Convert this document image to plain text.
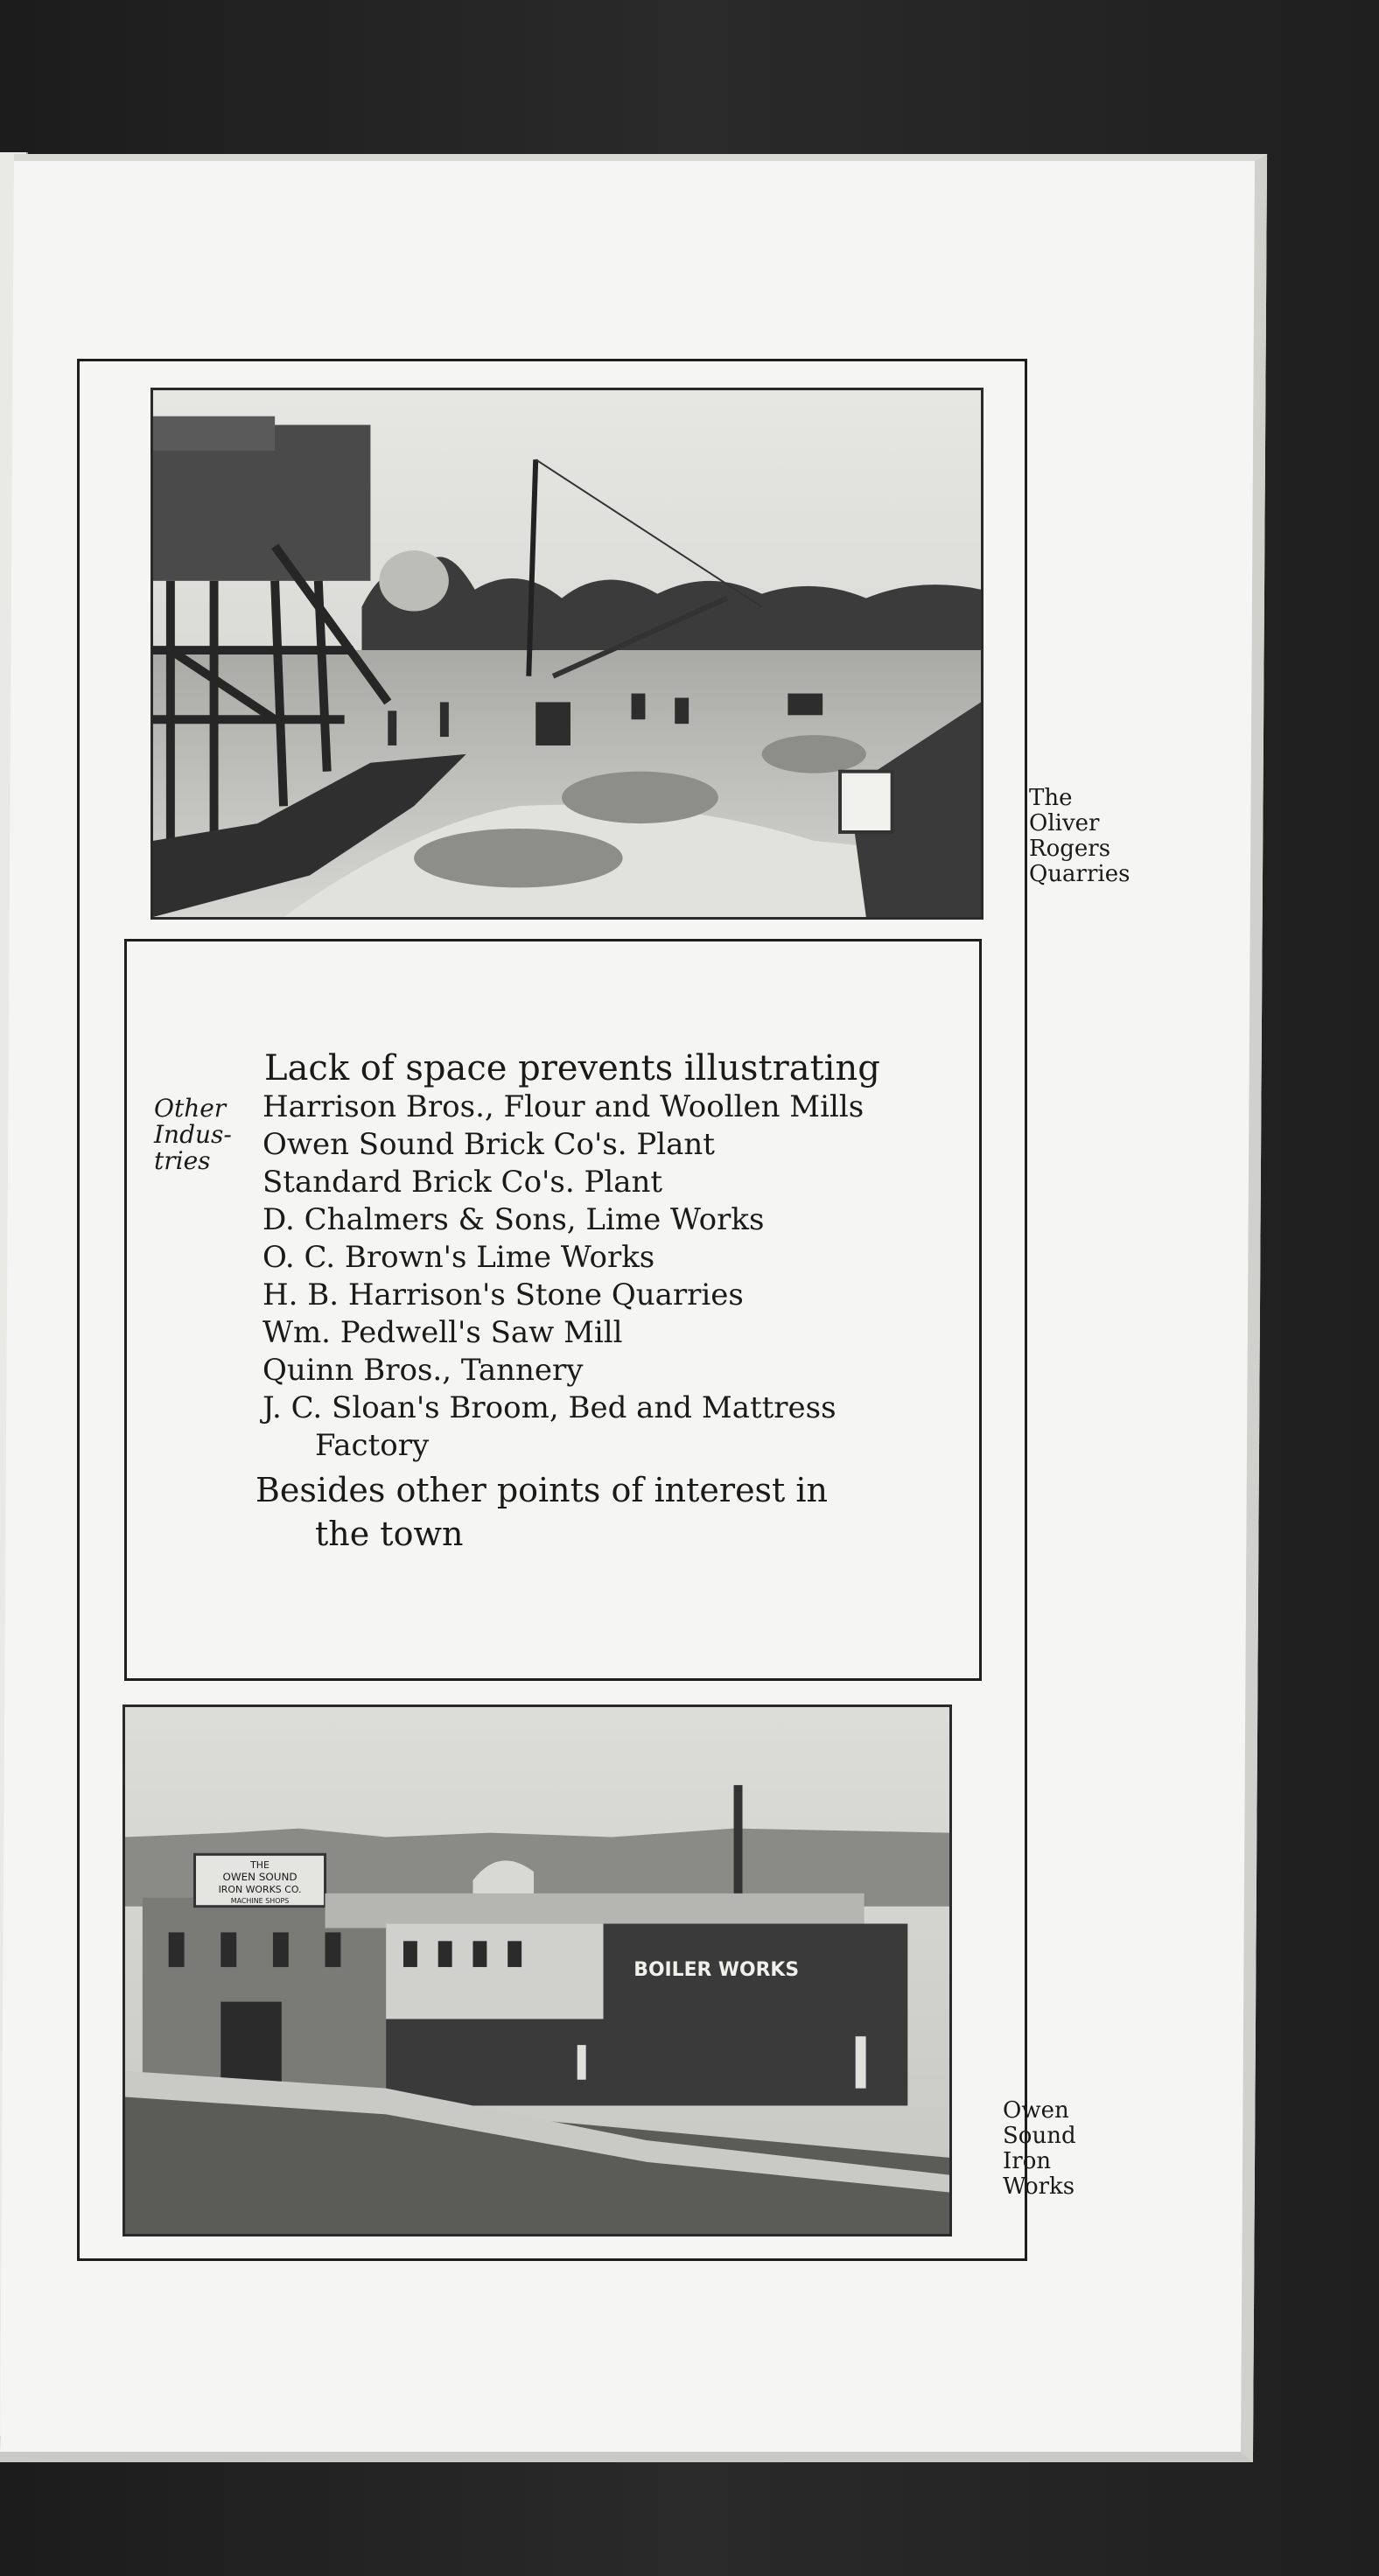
The
Oliver
Rogers
Quarries
Other
Indus-
tries
Lack of space prevents illustrating
Harrison Bros., Flour and Woollen Mills
Owen Sound Brick Co's. Plant
Standard Brick Co's. Plant
D. Chalmers & Sons, Lime Works
O. C. Brown's Lime Works
H. B. Harrison's Stone Quarries
Wm. Pedwell's Saw Mill
Quinn Bros., Tannery
J. C. Sloan's Broom, Bed and Mattress
Factory
Besides other points of interest in
the town
THE
OWEN SOUND
IRON WORKS CO.
MACHINE SHOPS
BOILER WORKS
Owen
Sound
Iron
Works
